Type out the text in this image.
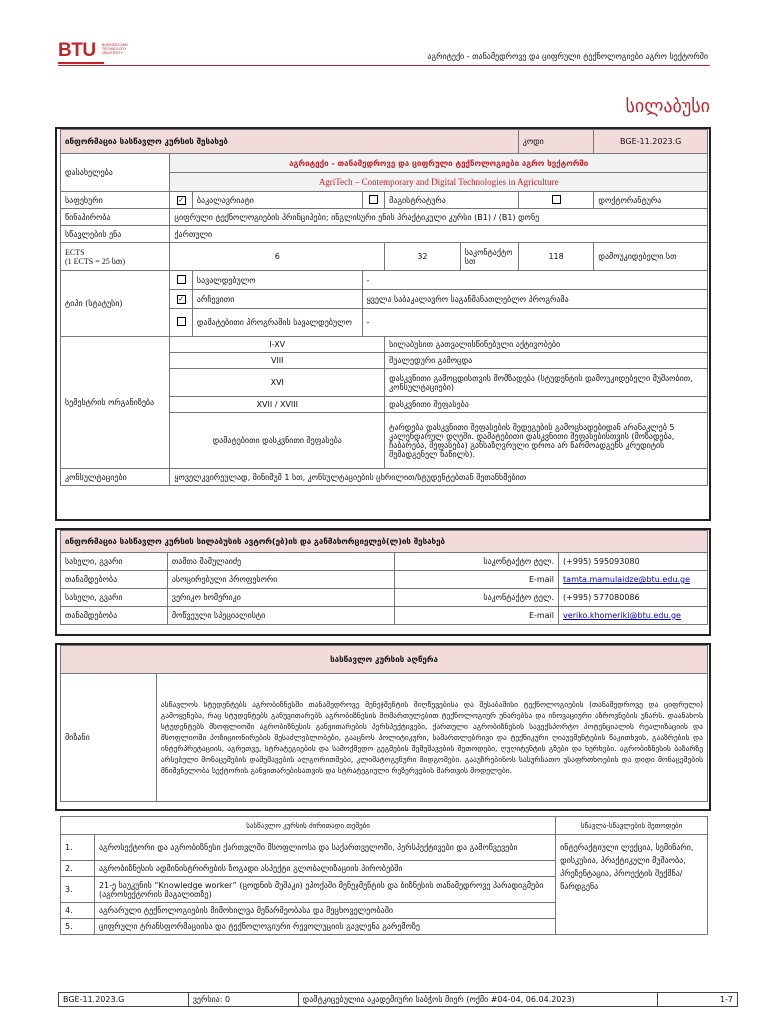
BTU BUSINESS AND TECHNOLOGY UNIVERSITY	აგრიტექი - თანამედროვე და ციფრული ტექნოლოგიები აგრო სექტორში
სილაბუსი
ინფორმაცია სასწავლო კურსის შესახებ						კოდი	BGE-11.2023.G
დასახელება	აგრიტექი - თანამედროვე და ციფრული ტექნოლოგიები აგრო სექტორში						
	AgriTech – Contemporary and Digital Technologies in Agriculture						
საფეხური	✓	ბაკალავრიატი		მაგისტრატურა			დოქტორანტურა
წინაპირობა	ციფრული ტექნოლოგიების პრინციპები; ინგლისური ენის პრაქტიკული კურსი (B1) / (B1) დონე						
სწავლების ენა	ქართული						
ECTS
(1 ECTS = 25 სთ)	6			32	საკონტაქტო სთ	118	დამოუკიდებელი სთ
ტიპი (სტატუსი)		სავალდებულო	-				
	✓	არჩევითი	ყველა საბაკალავრო საგანმანათლებლო პროგრამა				
		დამატებითი პროგრამის სავალდებულო	-				
სემესტრის ორგანიზება	I-XV			სილაბუსით გათვალისწინებული აქტივობები			
	VIII			შუალედური გამოცდა			
	XVI			დასკვნითი გამოცდისთვის მომზადება (სტუდენტის დამოუკიდებელი მუშაობით, კონსულტაციები)			
	XVII / XVIII			დასკვნითი შეფასება			
	დამატებითი დასკვნითი შეფასება			ტარდება დასკვნითი შეფასების შედეგების გამოცხადებიდან არანაკლებ 5 კალენდარულ დღეში. დამატებითი დასკვნითი შეფასებისთვის (მოზადება, ჩაბარება, შეფასება) განსაზღვრული დროა არ წარმოადგენს კრედიტის შემადგენელ ნაწილს).			
კონსულტაციები	ყოველკვირეულად, მინიმუმ 1 სთ, კონსულტაციების ცხრილით/სტუდენტებთან შეთანხმებით						
ინფორმაცია სასწავლო კურსის სილაბუსის ავტორ(ებ)ის და განმახორციელებ(ლ)ის შესახებ			
სახელი, გვარი	თამთა მამულაიძე	საკონტაქტო ტელ.	(+995) 595093080
თანამდებობა	ასოცირებული პროფესორი	E-mail	tamta.mamulaidze@btu.edu.ge
სახელი, გვარი	ვერიკო ხომერიკი	საკონტაქტო ტელ.	(+995) 577080086
თანამდებობა	მოწვეული სპეციალისტი	E-mail	veriko.khomeriki@btu.edu.ge
სასწავლო კურსის აღწერა
მიზანი	ასწავლოს სტუდენტებს აგრობიზნესში თანამედროვე მენეჯმენტის მიღწევებისა და შესაბამისი ტექნოლოგიების (თანამედროვე და ციფრული) გამოყენება, რაც სტუდენტებს განუვითარებს აგრობიზნესის მომართულებით ტექნოლოგიურ უნარებსა და ინოვაციური აზროვნების უნარს. დაანახოს სტუდენტებს მსოფლიოში აგრობიზნესის განვითარების პერსპექტივები, ქართული აგრობიზნესის სავექსპორტო პოტენციალის რეალიზაციის და მსოფლიოში პოზიციონირების შესაძლებლობები, გააცნოს პოლიტიკური, სამართლებრივი და ტექნიკური ღიაუემენტების წაკითხვის, გააზრების და ინტერპრეტაციის, აგრეთვე, სტრატეგიების და სამოქმედო გეგმების შემუშავების მეთოდები, ღუღიტენტის გზები და ხერხები. აგრობიზნესის ბაზარზე არსებული მონაცემების დამუშავების ალგორითმები, კლიმატოგენური მიდგომები. გააუზრებინოს სასურსათო უსაფრთხოების და დიდი მონაცემების მნიშვნელობა სექტორის განვითარებისათვის და სტრატეგიული რეზერვების მართვის მოდელები.
სასწავლო კურსის ძირითადი თემები		სწავლა-სწავლების მეთოდები
1.	აგროსექტორი და აგრობიზნესი ქართვლში მსოფლიოსა და საქართველოში, პერსპექტივები და გამოწვევები	ინტერაქტიული ლექცია, სემინარი, დისკუსია, პრაქტიკული მუშაობა, პრეზენტაცია, პროექტის შექმნა/წარდგენა
2.	აგრობიზნესის ადმინისტრირების ზოგადი ასპექტი გლობალიზაციის პირობებში	
3.	21-ე საუკუნის “Knowledge worker” (ცოდნის მუშაკი) ეპოქაში მენეჯმენტის და ბიზნესის თანამედროვე პარადიგმები (აგროსექტორის მაგალითზე)	
4.	აგრარული ტექნოლოგიების მიმოხილვა მეწარმეობასა და მეცხოველეობაში	
5.	ციფრული ტრანსფორმაციისა და ტექნოლოგიური რევოლუციის გავლენა გარემოზე	
BGE-11.2023.G	ვერსია: 0	დამტკიცებულია აკადემიური საბჭოს მიერ (ოქმი #04-04, 06.04.2023)	1-7
